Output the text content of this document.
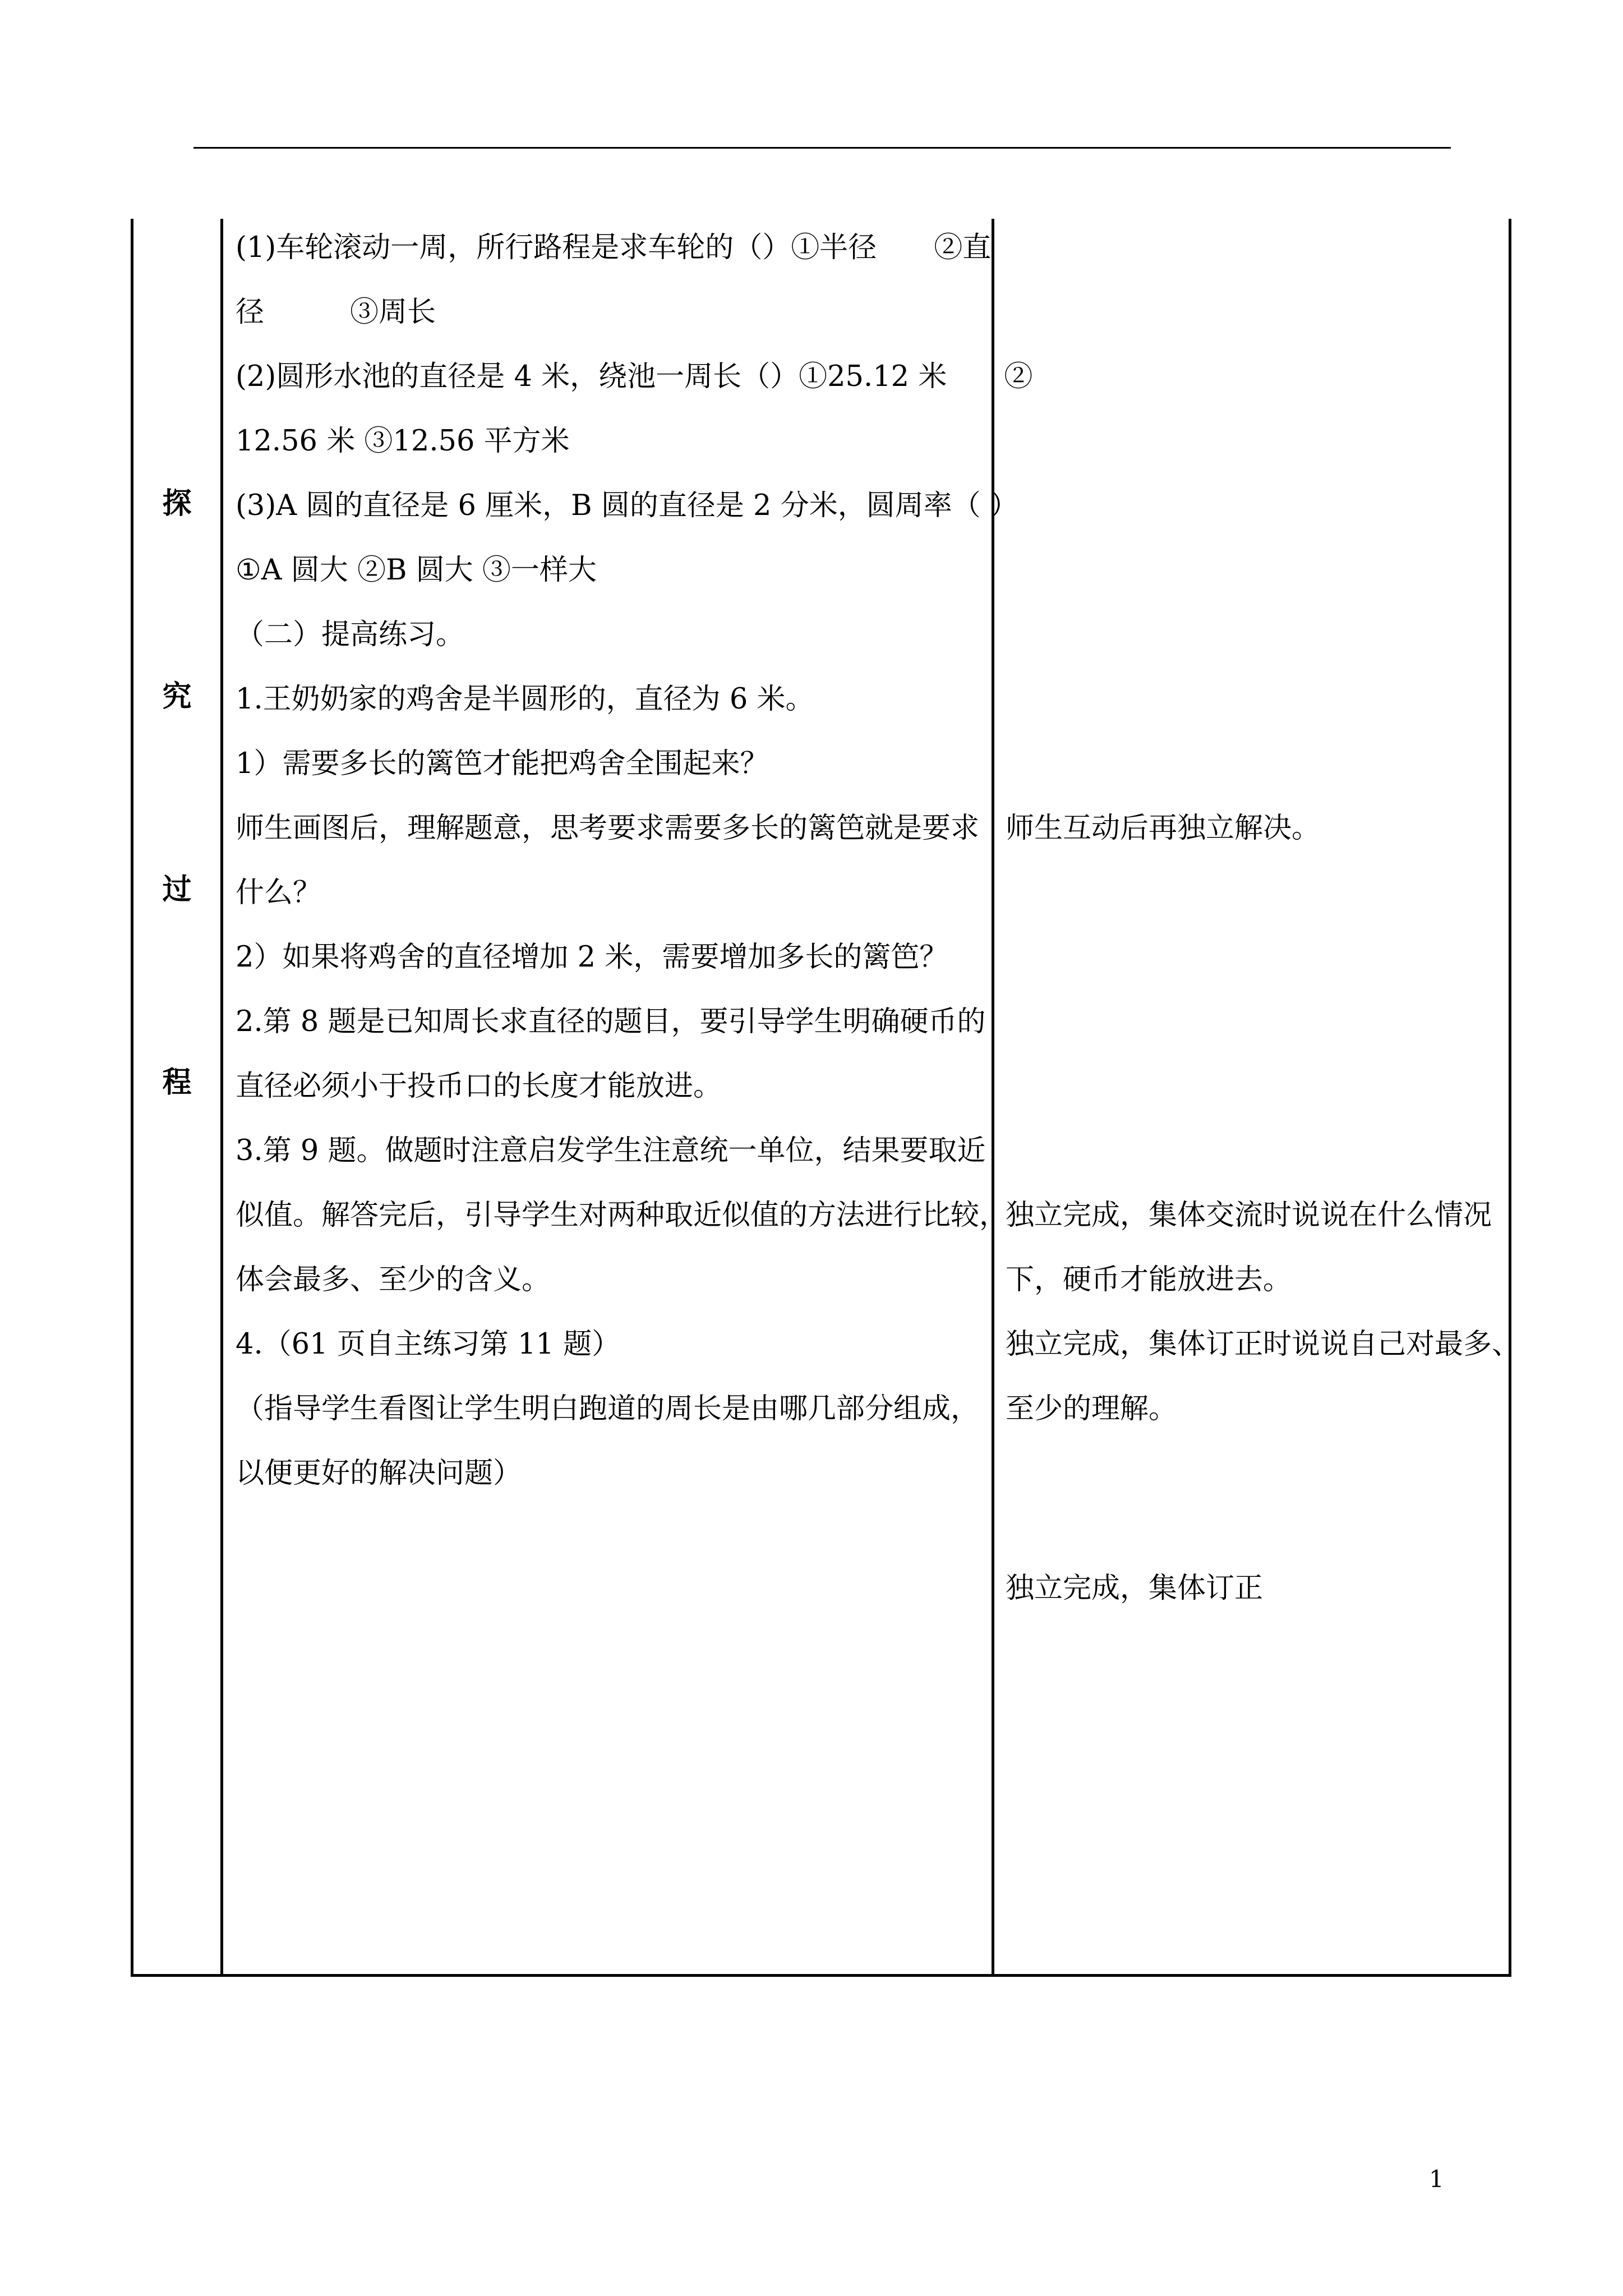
探
究
过
程
(1)车轮滚动一周，所行路程是求车轮的（）①半径　　②直
径　　　③周长
(2)圆形水池的直径是 4 米，绕池一周长（）①25.12 米　　②
12.56 米 ③12.56 平方米
(3)A 圆的直径是 6 厘米，B 圆的直径是 2 分米，圆周率（ ）
①A 圆大 ②B 圆大 ③一样大
（二）提高练习。
1.王奶奶家的鸡舍是半圆形的，直径为 6 米。
1）需要多长的篱笆才能把鸡舍全围起来？
师生画图后，理解题意，思考要求需要多长的篱笆就是要求
什么？
2）如果将鸡舍的直径增加 2 米，需要增加多长的篱笆？
2.第 8 题是已知周长求直径的题目，要引导学生明确硬币的
直径必须小于投币口的长度才能放进。
3.第 9 题。做题时注意启发学生注意统一单位，结果要取近
似值。解答完后，引导学生对两种取近似值的方法进行比较，
体会最多、至少的含义。
4.（61 页自主练习第 11 题）
（指导学生看图让学生明白跑道的周长是由哪几部分组成，
以便更好的解决问题）
师生互动后再独立解决。
独立完成，集体交流时说说在什么情况
下，硬币才能放进去。
独立完成，集体订正时说说自己对最多、
至少的理解。
独立完成，集体订正
1
